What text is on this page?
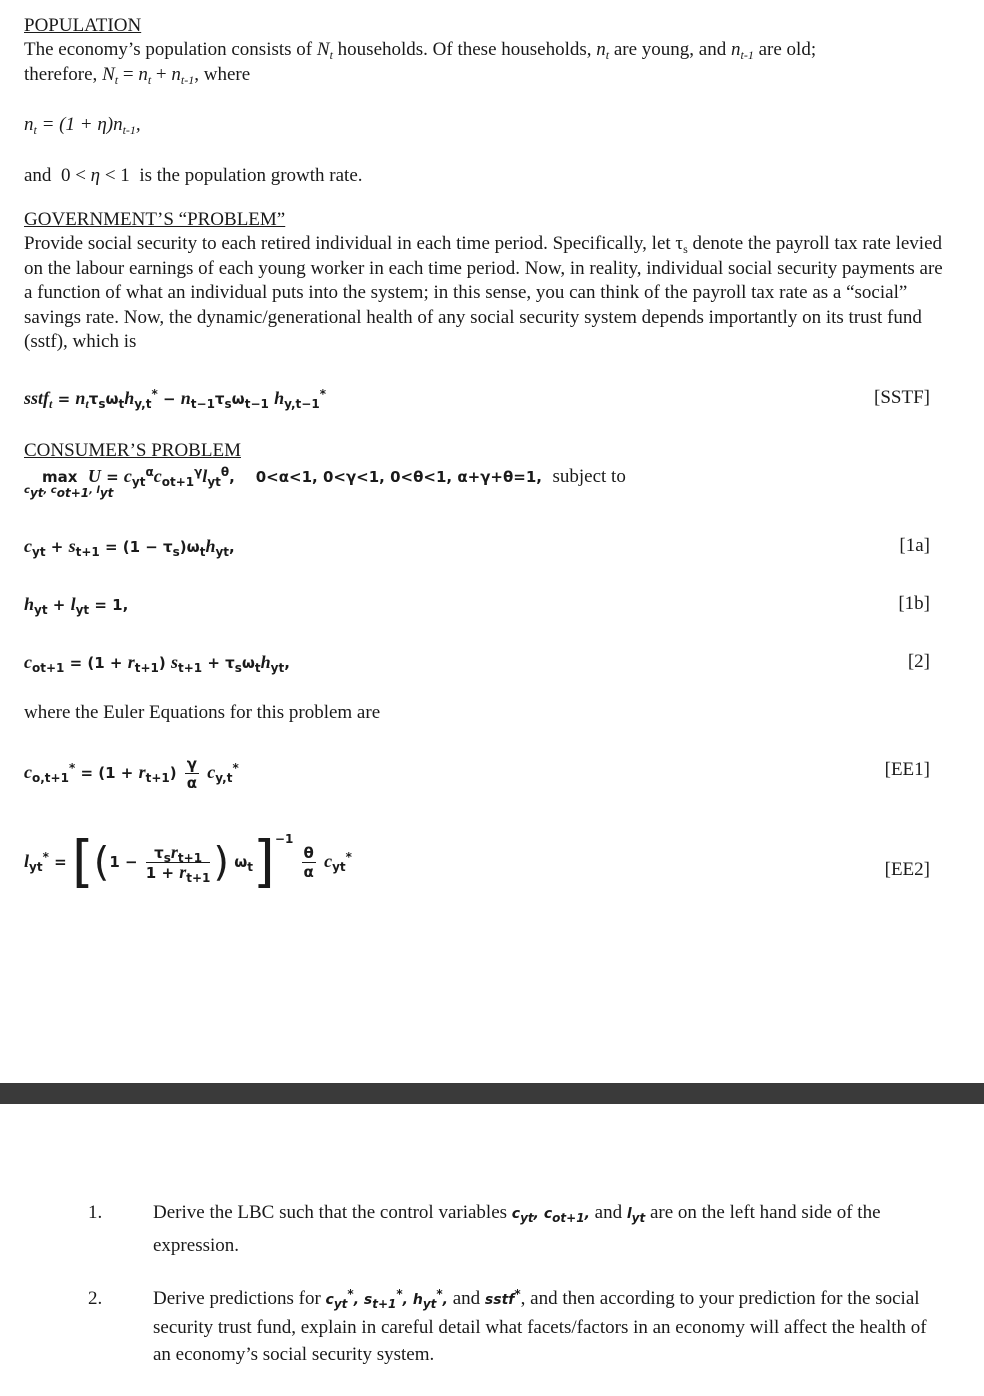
POPULATION

The economy’s population consists of $N_t$ households. Of these households, $n_t$ are young, and $n_{t-1}$ are old;
therefore, $N_t = n_t + n_{t-1}$, where

$n_t = (1 + \eta)n_{t-1}$,

and  0 < η < 1  is the population growth rate.

GOVERNMENT’S “PROBLEM”

Provide social security to each retired individual in each time period. Specifically, let $\tau_s$ denote the payroll tax rate levied on the labour earnings of each young worker in each time period. Now, in reality, individual social security payments are a function of what an individual puts into the system; in this sense, you can think of the payroll tax rate as a “social” savings rate. Now, the dynamic/generational health of any social security system depends importantly on its trust fund (sstf), which is

sstf$_t$ = $n_t\tau_s\omega_th_{y,t}^* - n_{t-1}\tau_s\omega_{t-1}$ $h_{y,t-1}^*$	[SSTF]

CONSUMER’S PROBLEM

$\max U = c_{yt}^\alpha c_{ot+1}^\gamma l_{yt}^\theta$,    0<α<1, 0<γ<1, 0<θ<1, α+γ+θ=1, subject to
$c_{yt}$, $c_{ot+1}$, $l_{yt}$
$c_{yt} + s_{t+1} = (1 - \tau_s)\omega_th_{yt}$,	[1a]
$h_{yt} + l_{yt} = 1$,	[1b]
$c_{ot+1} = (1 + r_{t+1}) s_{t+1} + \tau_s\omega_th_{yt}$,	[2]

where the Euler Equations for this problem are

$c_{o,t+1}^* = (1 + r_{t+1}) \frac{\gamma}{\alpha} c_{y,t}^*$	[EE1]
$l_{yt}^* = [(1 - \frac{\tau_sr_{t+1}}{1 + r_{t+1}}$ ) $\omega_t]^{-1}$
$\frac{\theta}{\alpha} c_{yt}^*$
[EE2]
1.	Derive the LBC such that the control variables $c_{yt}$, $c_{ot+1}$, and $l_{yt}$ are on the left hand side of the expression.
2.	Derive predictions for $c_{yt}^*$, $s_{t+1}^*$, $h_{yt}^*$, and sstf*, and then according to your prediction for the social security trust fund, explain in careful detail what facets/factors in an economy will affect the health of an economy’s social security system.
